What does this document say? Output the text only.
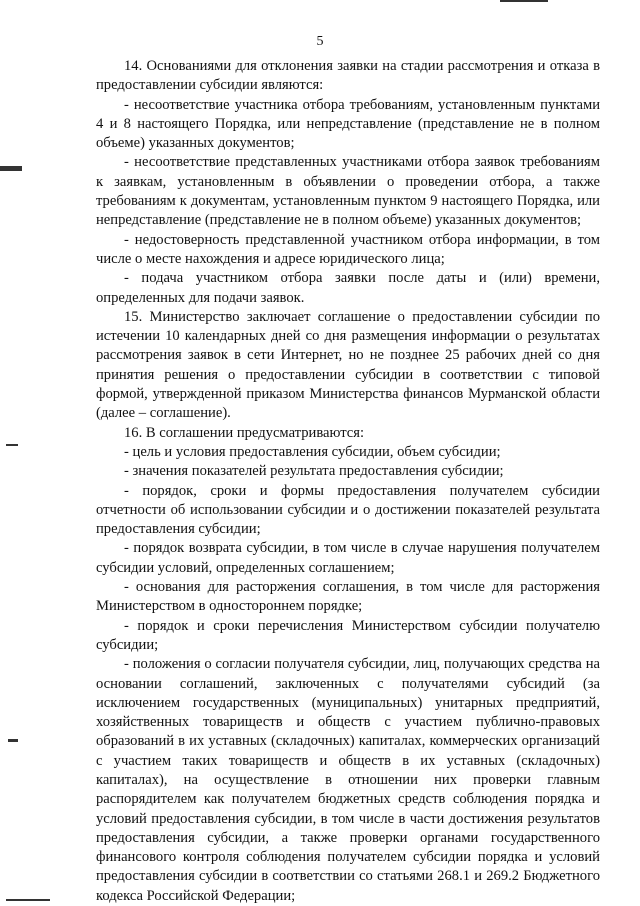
5

14. Основаниями для отклонения заявки на стадии рассмотрения и отказа в предоставлении субсидии являются:

- несоответствие участника отбора требованиям, установленным пунктами 4 и 8 настоящего Порядка, или непредставление (представление не в полном объеме) указанных документов;

- несоответствие представленных участниками отбора заявок требованиям к заявкам, установленным в объявлении о проведении отбора, а также требованиям к документам, установленным пунктом 9 настоящего Порядка, или непредставление (представление не в полном объеме) указанных документов;

- недостоверность представленной участником отбора информации, в том числе о месте нахождения и адресе юридического лица;

- подача участником отбора заявки после даты и (или) времени, определенных для подачи заявок.

15. Министерство заключает соглашение о предоставлении субсидии по истечении 10 календарных дней со дня размещения информации о результатах рассмотрения заявок в сети Интернет, но не позднее 25 рабочих дней со дня принятия решения о предоставлении субсидии в соответствии с типовой формой, утвержденной приказом Министерства финансов Мурманской области (далее – соглашение).

16. В соглашении предусматриваются:

- цель и условия предоставления субсидии, объем субсидии;

- значения показателей результата предоставления субсидии;

- порядок, сроки и формы предоставления получателем субсидии отчетности об использовании субсидии и о достижении показателей результата предоставления субсидии;

- порядок возврата субсидии, в том числе в случае нарушения получателем субсидии условий, определенных соглашением;

- основания для расторжения соглашения, в том числе для расторжения Министерством в одностороннем порядке;

- порядок и сроки перечисления Министерством субсидии получателю субсидии;

- положения о согласии получателя субсидии, лиц, получающих средства на основании соглашений, заключенных с получателями субсидий (за исключением государственных (муниципальных) унитарных предприятий, хозяйственных товариществ и обществ с участием публично-правовых образований в их уставных (складочных) капиталах, коммерческих организаций с участием таких товариществ и обществ в их уставных (складочных) капиталах), на осуществление в отношении них проверки главным распорядителем как получателем бюджетных средств соблюдения порядка и условий предоставления субсидии, в том числе в части достижения результатов предоставления субсидии, а также проверки органами государственного финансового контроля соблюдения получателем субсидии порядка и условий предоставления субсидии в соответствии со статьями 268.1 и 269.2 Бюджетного кодекса Российской Федерации;
